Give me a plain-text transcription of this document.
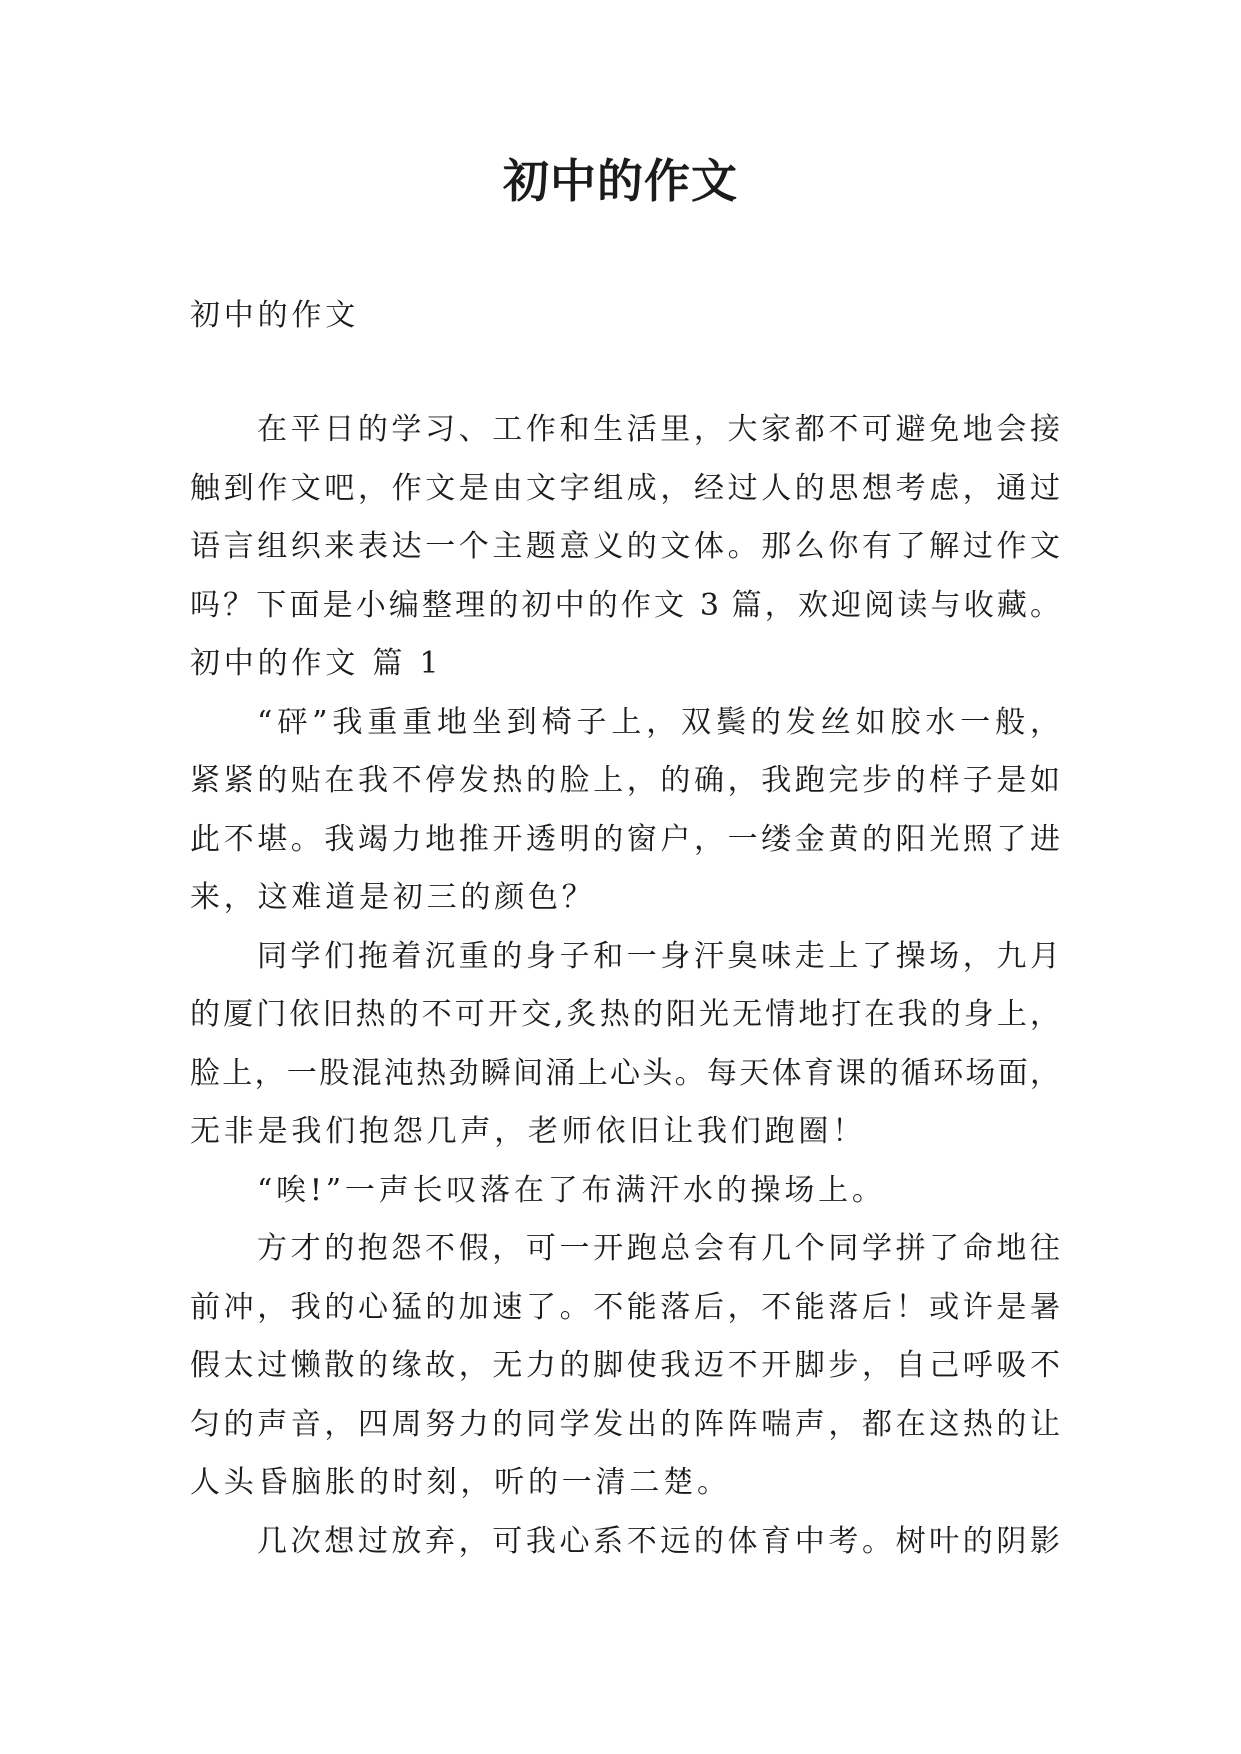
初中的作文
初中的作文
在平日的学习、工作和生活里，大家都不可避免地会接
触到作文吧，作文是由文字组成，经过人的思想考虑，通过
语言组织来表达一个主题意义的文体。那么你有了解过作文
吗？下面是小编整理的初中的作文 3 篇，欢迎阅读与收藏。
初中的作文 篇 1
“砰”我重重地坐到椅子上，双鬓的发丝如胶水一般，
紧紧的贴在我不停发热的脸上，的确，我跑完步的样子是如
此不堪。我竭力地推开透明的窗户，一缕金黄的阳光照了进
来，这难道是初三的颜色？
同学们拖着沉重的身子和一身汗臭味走上了操场，九月
的厦门依旧热的不可开交,炙热的阳光无情地打在我的身上，
脸上，一股混沌热劲瞬间涌上心头。每天体育课的循环场面，
无非是我们抱怨几声，老师依旧让我们跑圈！
“唉!”一声长叹落在了布满汗水的操场上。
方才的抱怨不假，可一开跑总会有几个同学拼了命地往
前冲，我的心猛的加速了。不能落后，不能落后！或许是暑
假太过懒散的缘故，无力的脚使我迈不开脚步，自己呼吸不
匀的声音，四周努力的同学发出的阵阵喘声，都在这热的让
人头昏脑胀的时刻，听的一清二楚。
几次想过放弃，可我心系不远的体育中考。树叶的阴影
